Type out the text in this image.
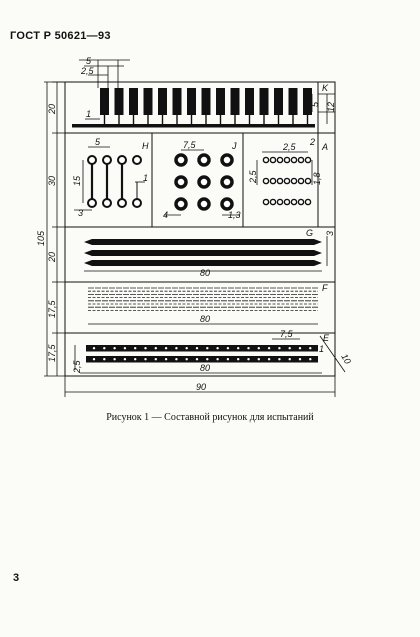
ГОСТ Р 50621—93
20
30
20
17,5
17,5
105
5
2,5
1
K
5 12
2
H
5
15	1
3
J
7,5
4	1,3
A
2,5
2,5	1,8
G
80
3
F
80
E
7,5
1
10
2,5	80
90
Рисунок 1 — Составной рисунок для испытаний
3
